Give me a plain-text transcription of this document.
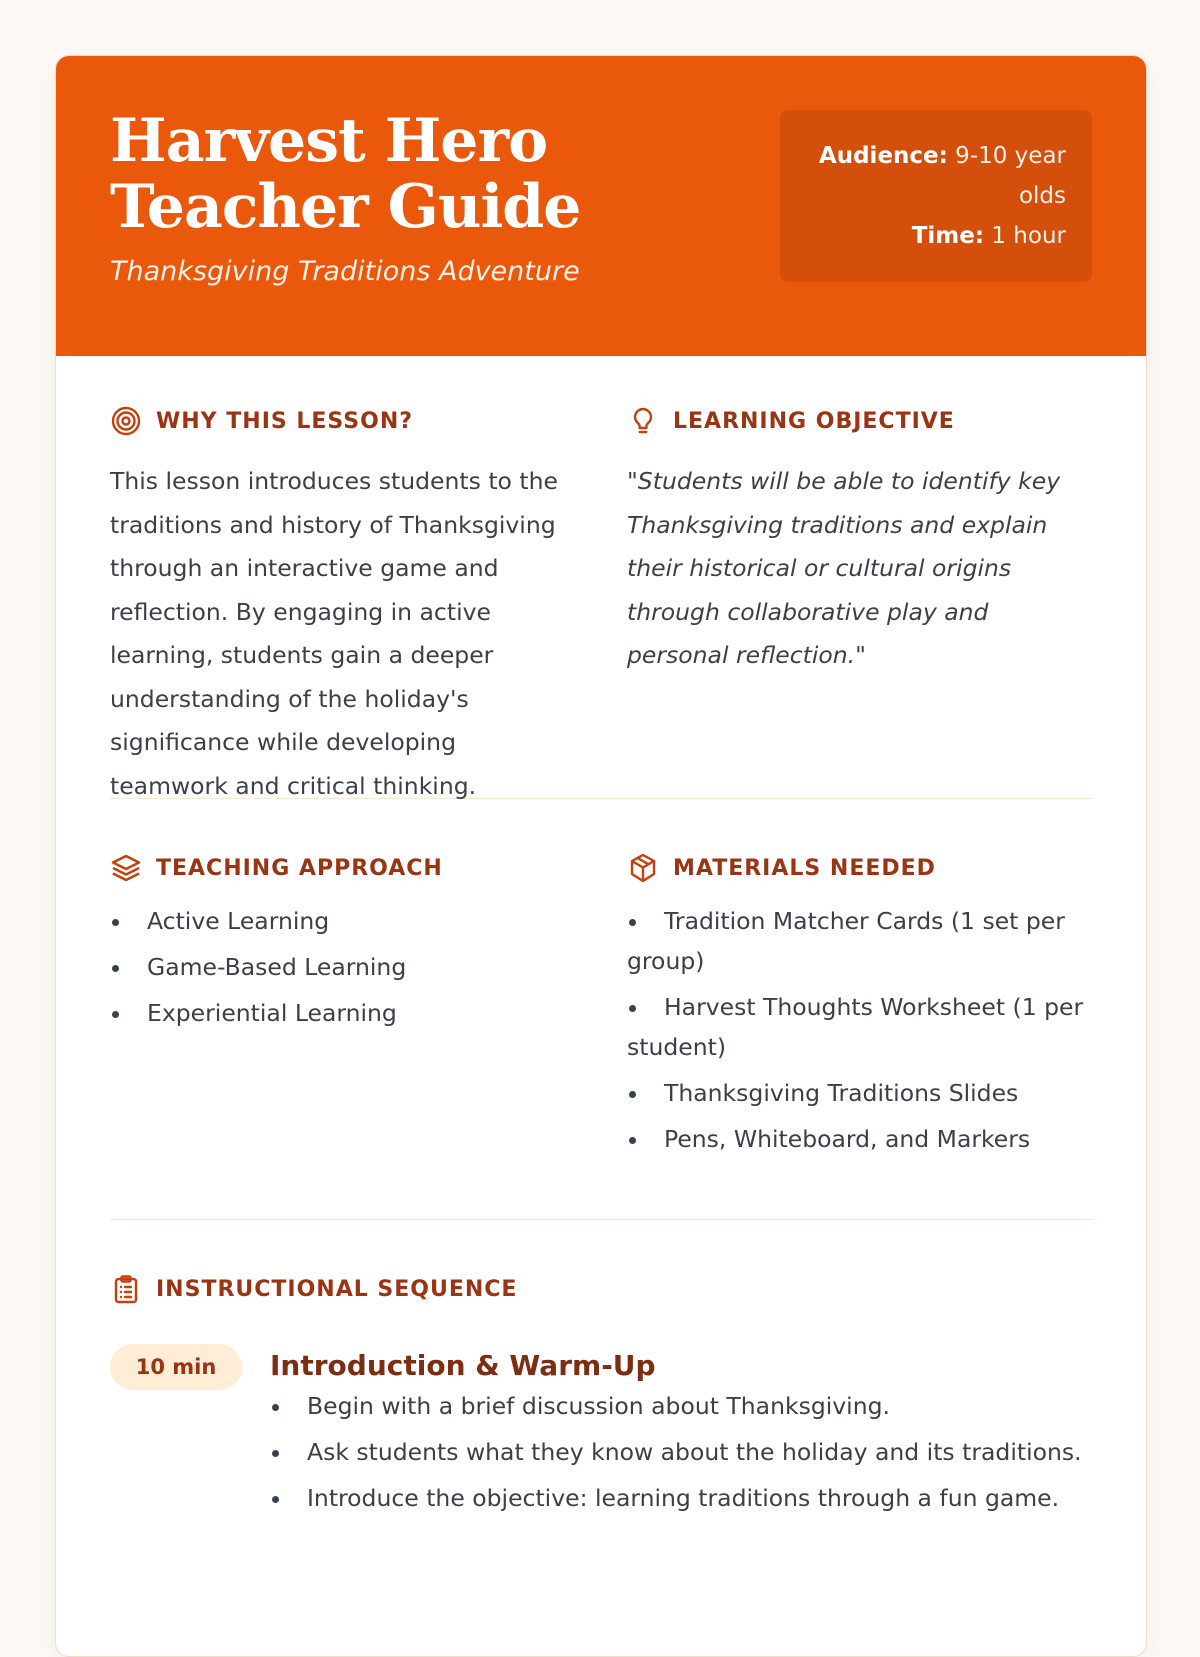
Harvest Hero Teacher Guide
Thanksgiving Traditions Adventure
Audience: 9-10 year olds
Time: 1 hour
WHY THIS LESSON?
This lesson introduces students to the traditions and history of Thanksgiving through an interactive game and reflection. By engaging in active learning, students gain a deeper understanding of the holiday's significance while developing teamwork and critical thinking.
LEARNING OBJECTIVE
"Students will be able to identify key Thanksgiving traditions and explain their historical or cultural origins through collaborative play and personal reflection."
TEACHING APPROACH
Active Learning
Game-Based Learning
Experiential Learning
MATERIALS NEEDED
Tradition Matcher Cards (1 set per group)
Harvest Thoughts Worksheet (1 per student)
Thanksgiving Traditions Slides
Pens, Whiteboard, and Markers
INSTRUCTIONAL SEQUENCE
10 min	Introduction & Warm-Up
Begin with a brief discussion about Thanksgiving.
Ask students what they know about the holiday and its traditions.
Introduce the objective: learning traditions through a fun game.
